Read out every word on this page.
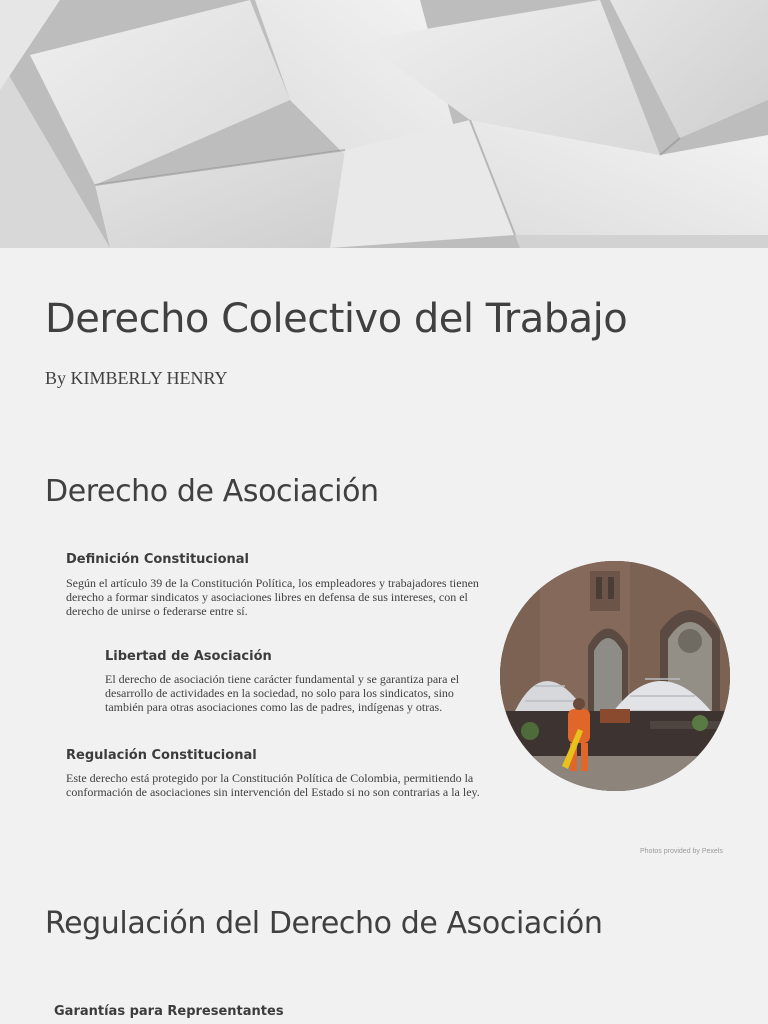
Derecho Colectivo del Trabajo
By KIMBERLY HENRY
Derecho de Asociación
Definición Constitucional

Según el artículo 39 de la Constitución Política, los empleadores y trabajadores tienen derecho a formar sindicatos y asociaciones libres en defensa de sus intereses, con el derecho de unirse o federarse entre sí.

Libertad de Asociación

El derecho de asociación tiene carácter fundamental y se garantiza para el desarrollo de actividades en la sociedad, no solo para los sindicatos, sino también para otras asociaciones como las de padres, indígenas y otras.

Regulación Constitucional

Este derecho está protegido por la Constitución Política de Colombia, permitiendo la conformación de asociaciones sin intervención del Estado si no son contrarias a la ley.

Photos provided by Pexels
Regulación del Derecho de Asociación
Garantías para Representantes
